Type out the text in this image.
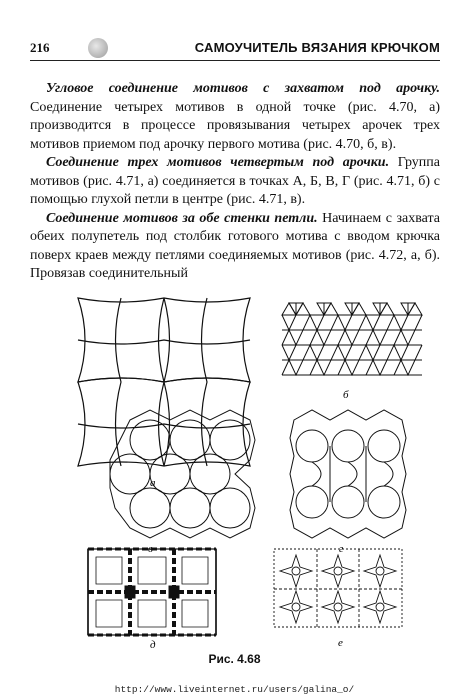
216	САМОУЧИТЕЛЬ ВЯЗАНИЯ КРЮЧКОМ

Угловое соединение мотивов с захватом под арочку. Соединение четырех мотивов в одной точке (рис. 4.70, а) производится в процессе провязывания четырех арочек трех мотивов приемом под арочку первого мотива (рис. 4.70, б, в).

Соединение трех мотивов четвертым под арочки. Группа мотивов (рис. 4.71, а) соединяется в точках А, Б, В, Г (рис. 4.71, б) с помощью глухой петли в центре (рис. 4.71, в).

Соединение мотивов за обе стенки петли. Начинаем с захвата обеих полупетель под столбик готового мотива с вводом крючка поверх краев между петлями соединяемых мотивов (рис. 4.72, а, б). Провязав соединительный

а
б
в	г
д	е
Рис. 4.68
http://www.liveinternet.ru/users/galina_o/
